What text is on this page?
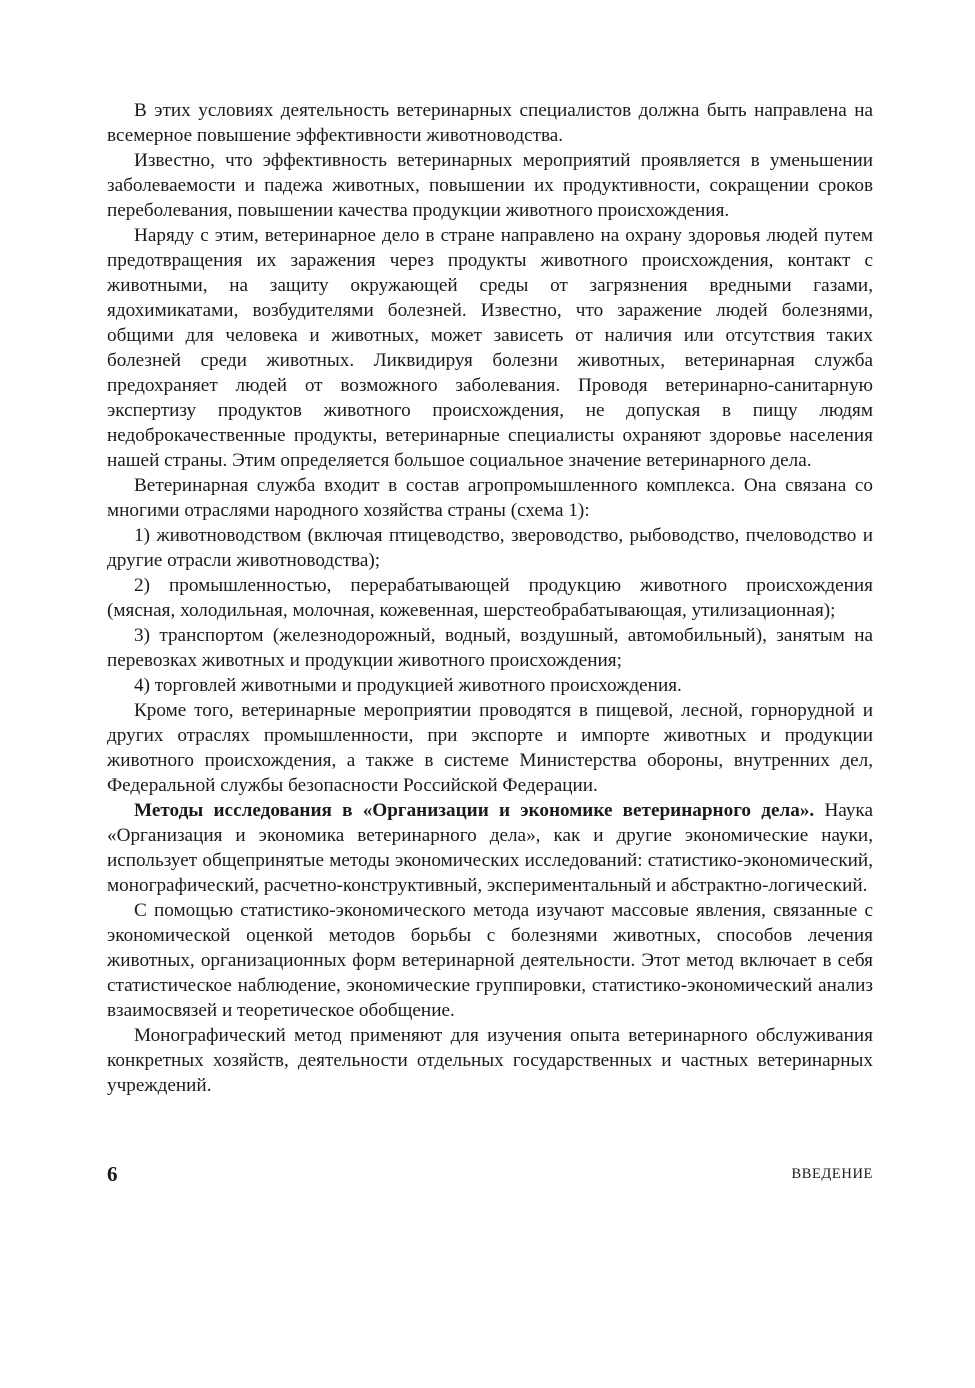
В этих условиях деятельность ветеринарных специалистов должна быть направлена на всемерное повышение эффективности животноводства.

Известно, что эффективность ветеринарных мероприятий проявляется в уменьшении заболеваемости и падежа животных, повышении их продуктивности, сокращении сроков переболевания, повышении качества продукции животного происхождения.

Наряду с этим, ветеринарное дело в стране направлено на охрану здоровья людей путем предотвращения их заражения через продукты животного происхождения, контакт с животными, на защиту окружающей среды от загрязнения вредными газами, ядохимикатами, возбудителями болезней. Известно, что заражение людей болезнями, общими для человека и животных, может зависеть от наличия или отсутствия таких болезней среди животных. Ликвидируя болезни животных, ветеринарная служба предохраняет людей от возможного заболевания. Проводя ветеринарно-санитарную экспертизу продуктов животного происхождения, не допуская в пищу людям недоброкачественные продукты, ветеринарные специалисты охраняют здоровье населения нашей страны. Этим определяется большое социальное значение ветеринарного дела.

Ветеринарная служба входит в состав агропромышленного комплекса. Она связана со многими отраслями народного хозяйства страны (схема 1):

1) животноводством (включая птицеводство, звероводство, рыбоводство, пчеловодство и другие отрасли животноводства);

2) промышленностью, перерабатывающей продукцию животного происхождения (мясная, холодильная, молочная, кожевенная, шерстеобрабатывающая, утилизационная);

3) транспортом (железнодорожный, водный, воздушный, автомобильный), занятым на перевозках животных и продукции животного происхождения;

4) торговлей животными и продукцией животного происхождения.

Кроме того, ветеринарные мероприятии проводятся в пищевой, лесной, горнорудной и других отраслях промышленности, при экспорте и импорте животных и продукции животного происхождения, а также в системе Министерства обороны, внутренних дел, Федеральной службы безопасности Российской Федерации.

Методы исследования в «Организации и экономике ветеринарного дела». Наука «Организация и экономика ветеринарного дела», как и другие экономические науки, использует общепринятые методы экономических исследований: статистико-экономический, монографический, расчетно-конструктивный, экспериментальный и абстрактно-логический.

С помощью статистико-экономического метода изучают массовые явления, связанные с экономической оценкой методов борьбы с болезнями животных, способов лечения животных, организационных форм ветеринарной деятельности. Этот метод включает в себя статистическое наблюдение, экономические группировки, статистико-экономический анализ взаимосвязей и теоретическое обобщение.

Монографический метод применяют для изучения опыта ветеринарного обслуживания конкретных хозяйств, деятельности отдельных государственных и частных ветеринарных учреждений.

6	ВВЕДЕНИЕ
